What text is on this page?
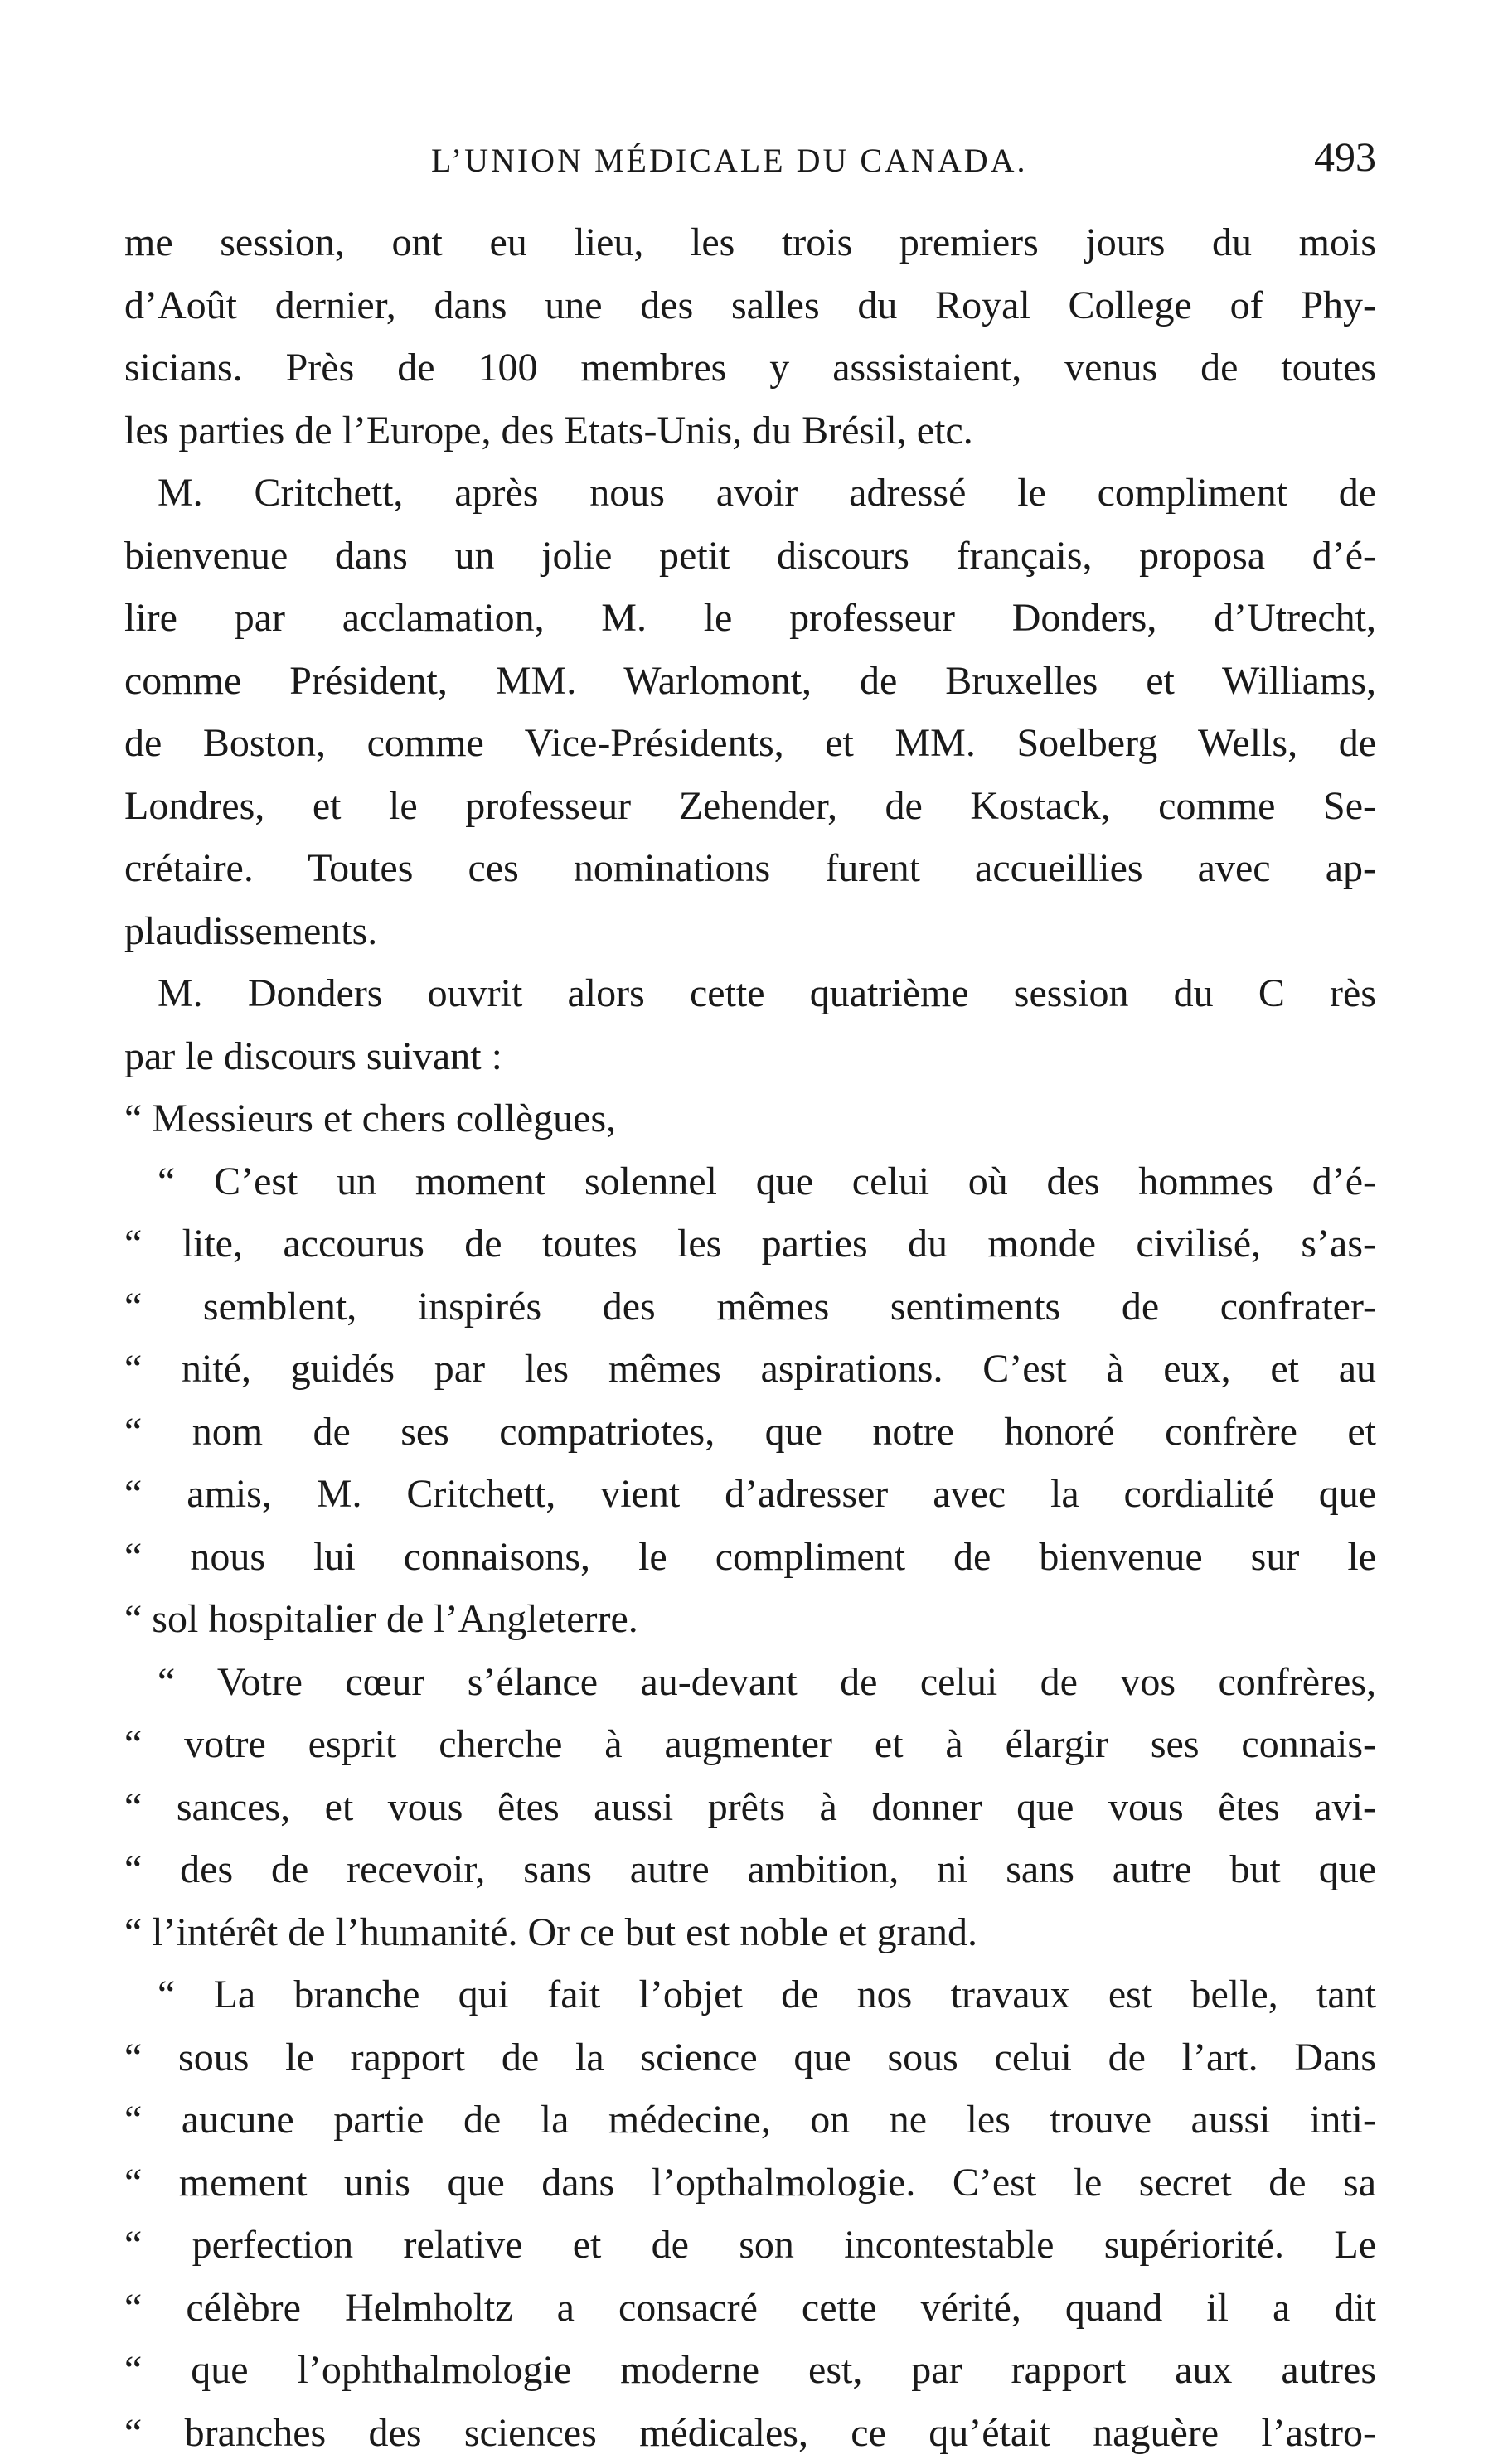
L’UNION MÉDICALE DU CANADA.	493
me session, ont eu lieu, les trois premiers jours du mois
d’Août dernier, dans une des salles du Royal College of Phy-
sicians. Près de 100 membres y asssistaient, venus de toutes
les parties de l’Europe, des Etats-Unis, du Brésil, etc.
M. Critchett, après nous avoir adressé le compliment de
bienvenue dans un jolie petit discours français, proposa d’é-
lire par acclamation, M. le professeur Donders, d’Utrecht,
comme Président, MM. Warlomont, de Bruxelles et Williams,
de Boston, comme Vice-Présidents, et MM. Soelberg Wells, de
Londres, et le professeur Zehender, de Kostack, comme Se-
crétaire. Toutes ces nominations furent accueillies avec ap-
plaudissements.
M. Donders ouvrit alors cette quatrième session du C rès
par le discours suivant :
“ Messieurs et chers collègues,
“ C’est un moment solennel que celui où des hommes d’é-
“ lite, accourus de toutes les parties du monde civilisé, s’as-
“ semblent, inspirés des mêmes sentiments de confrater-
“ nité, guidés par les mêmes aspirations. C’est à eux, et au
“ nom de ses compatriotes, que notre honoré confrère et
“ amis, M. Critchett, vient d’adresser avec la cordialité que
“ nous lui connaisons, le compliment de bienvenue sur le
“ sol hospitalier de l’Angleterre.
“ Votre cœur s’élance au-devant de celui de vos confrères,
“ votre esprit cherche à augmenter et à élargir ses connais-
“ sances, et vous êtes aussi prêts à donner que vous êtes avi-
“ des de recevoir, sans autre ambition, ni sans autre but que
“ l’intérêt de l’humanité. Or ce but est noble et grand.
“ La branche qui fait l’objet de nos travaux est belle, tant
“ sous le rapport de la science que sous celui de l’art. Dans
“ aucune partie de la médecine, on ne les trouve aussi inti-
“ mement unis que dans l’opthalmologie. C’est le secret de sa
“ perfection relative et de son incontestable supériorité. Le
“ célèbre Helmholtz a consacré cette vérité, quand il a dit
“ que l’ophthalmologie moderne est, par rapport aux autres
“ branches des sciences médicales, ce qu’était naguère l’astro-
